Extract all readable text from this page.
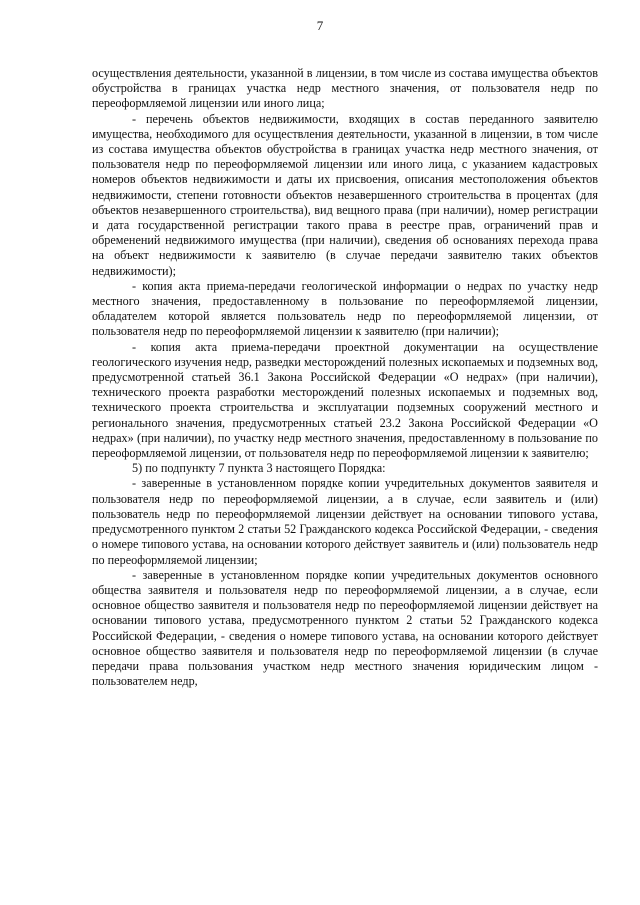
7

осуществления деятельности, указанной в лицензии, в том числе из состава имущества объектов обустройства в границах участка недр местного значения, от пользователя недр по переоформляемой лицензии или иного лица;

- перечень объектов недвижимости, входящих в состав переданного заявителю имущества, необходимого для осуществления деятельности, указанной в лицензии, в том числе из состава имущества объектов обустройства в границах участка недр местного значения, от пользователя недр по переоформляемой лицензии или иного лица, с указанием кадастровых номеров объектов недвижимости и даты их присвоения, описания местоположения объектов недвижимости, степени готовности объектов незавершенного строительства в процентах (для объектов незавершенного строительства), вид вещного права (при наличии), номер регистрации и дата государственной регистрации такого права в реестре прав, ограничений прав и обременений недвижимого имущества (при наличии), сведения об основаниях перехода права на объект недвижимости к заявителю (в случае передачи заявителю таких объектов недвижимости);

- копия акта приема-передачи геологической информации о недрах по участку недр местного значения, предоставленному в пользование по переоформляемой лицензии, обладателем которой является пользователь недр по переоформляемой лицензии, от пользователя недр по переоформляемой лицензии к заявителю (при наличии);

- копия акта приема-передачи проектной документации на осуществление геологического изучения недр, разведки месторождений полезных ископаемых и подземных вод, предусмотренной статьей 36.1 Закона Российской Федерации «О недрах» (при наличии), технического проекта разработки месторождений полезных ископаемых и подземных вод, технического проекта строительства и эксплуатации подземных сооружений местного и регионального значения, предусмотренных статьей 23.2 Закона Российской Федерации «О недрах» (при наличии), по участку недр местного значения, предоставленному в пользование по переоформляемой лицензии, от пользователя недр по переоформляемой лицензии к заявителю;

5) по подпункту 7 пункта 3 настоящего Порядка:

- заверенные в установленном порядке копии учредительных документов заявителя и пользователя недр по переоформляемой лицензии, а в случае, если заявитель и (или) пользователь недр по переоформляемой лицензии действует на основании типового устава, предусмотренного пунктом 2 статьи 52 Гражданского кодекса Российской Федерации, - сведения о номере типового устава, на основании которого действует заявитель и (или) пользователь недр по переоформляемой лицензии;

- заверенные в установленном порядке копии учредительных документов основного общества заявителя и пользователя недр по переоформляемой лицензии, а в случае, если основное общество заявителя и пользователя недр по переоформляемой лицензии действует на основании типового устава, предусмотренного пунктом 2 статьи 52 Гражданского кодекса Российской Федерации, - сведения о номере типового устава, на основании которого действует основное общество заявителя и пользователя недр по переоформляемой лицензии (в случае передачи права пользования участком недр местного значения юридическим лицом - пользователем недр,
